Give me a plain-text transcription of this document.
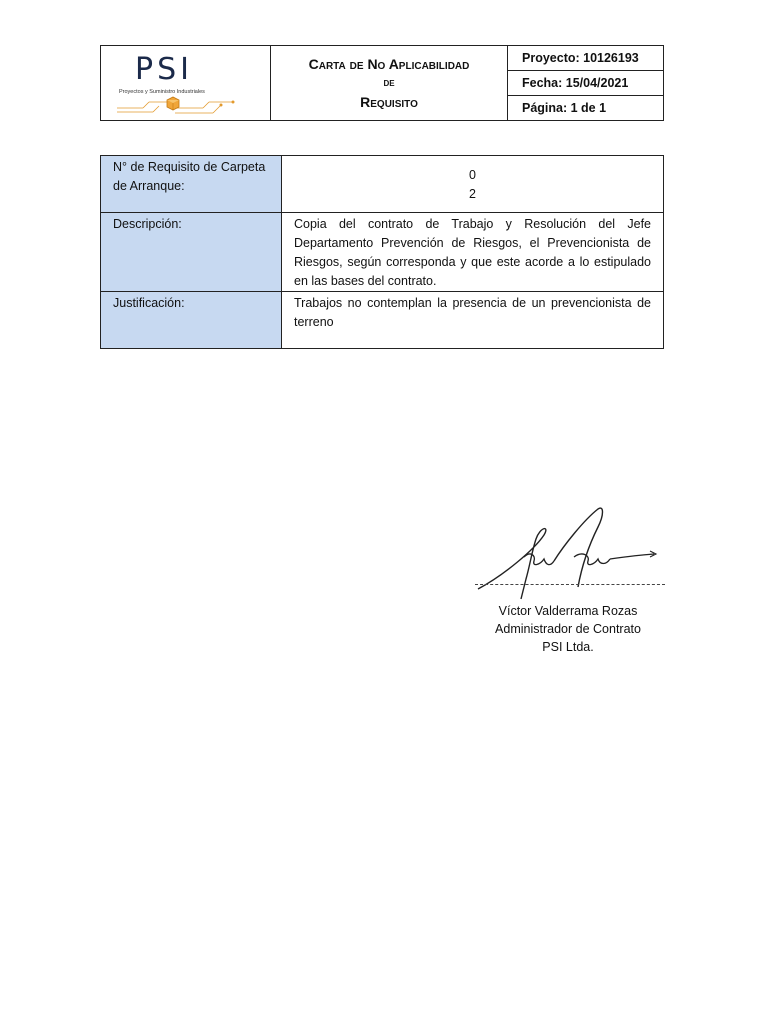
PSI
Proyectos y Suministro Industriales

Carta de No Aplicabilidad
de
Requisito
	Proyecto: 10126193
Fecha: 15/04/2021
Página: 1 de 1
N° de Requisito de Carpeta de Arranque:	0
2

Descripción:	Copia del contrato de Trabajo y Resolución del Jefe Departamento Prevención de Riesgos, el Prevencionista de Riesgos, según corresponda y que este acorde a lo estipulado en las bases del contrato.
Justificación:	Trabajos no contemplan la presencia de un prevencionista de terreno
Víctor Valderrama Rozas
Administrador de Contrato
PSI Ltda.
